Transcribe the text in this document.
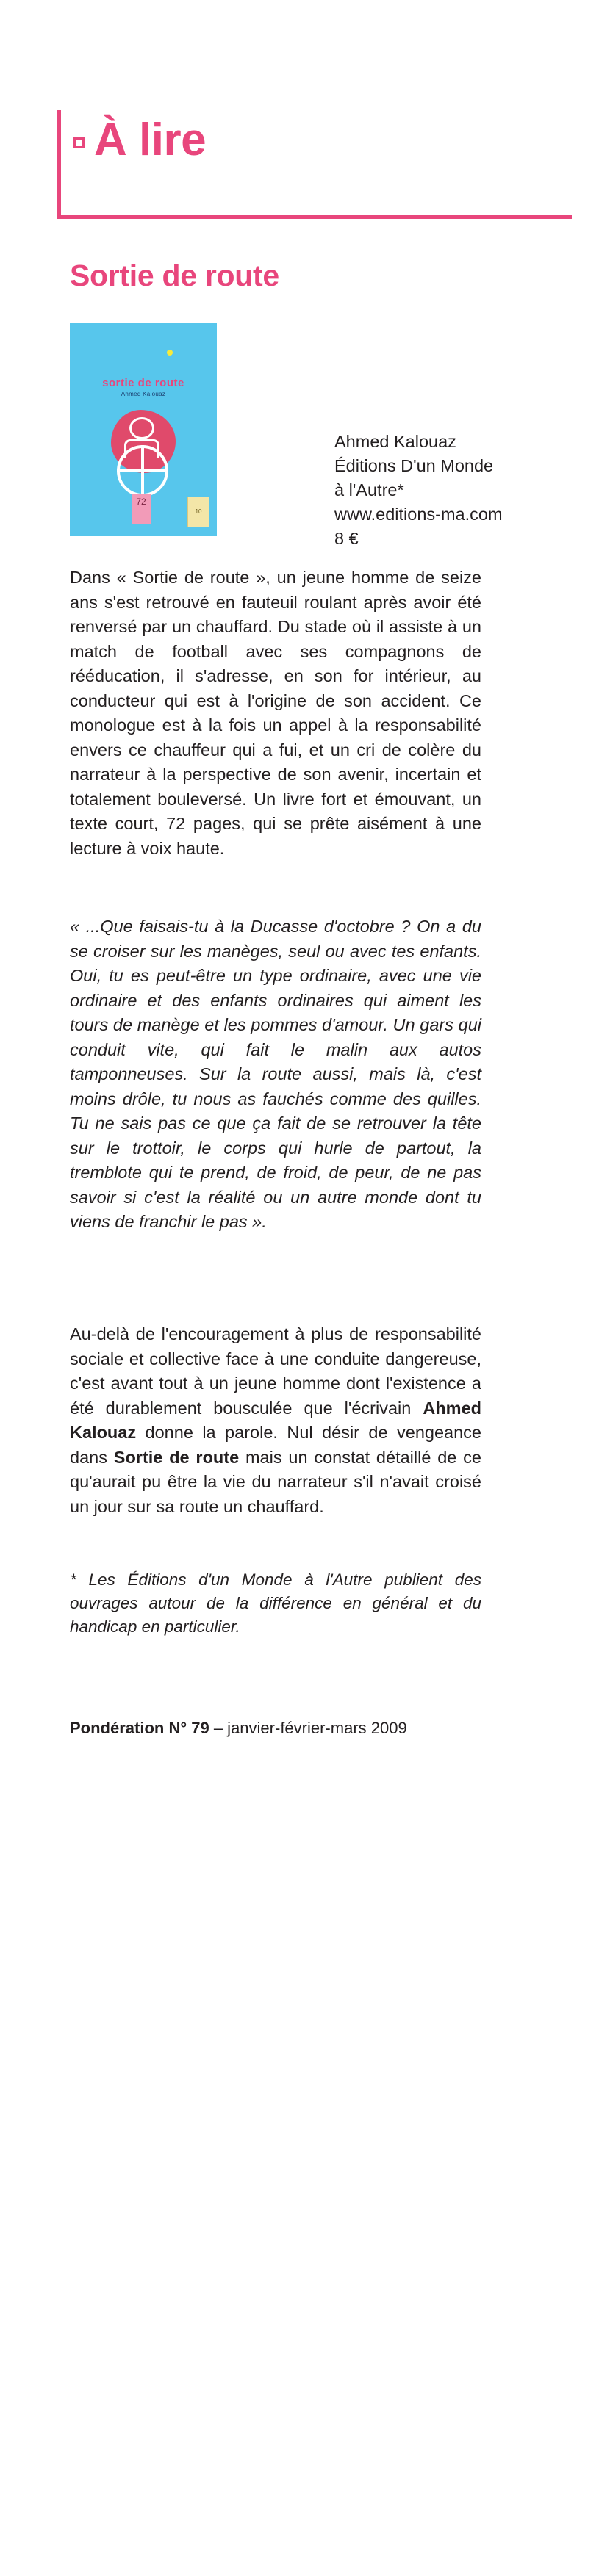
À lire
Sortie de route
sortie de route
Ahmed Kalouaz
72
10
Ahmed Kalouaz
Éditions D'un Monde
à l'Autre*
www.editions-ma.com
8 €
Dans « Sortie de route », un jeune homme de seize ans s'est retrouvé en fauteuil roulant après avoir été renversé par un chauffard. Du stade où il assiste à un match de football avec ses compagnons de rééducation, il s'adresse, en son for intérieur, au conducteur qui est à l'origine de son accident. Ce monologue est à la fois un appel à la responsabilité envers ce chauffeur qui a fui, et un cri de colère du narrateur à la perspective de son avenir, incertain et totalement bouleversé. Un livre fort et émouvant, un texte court, 72 pages, qui se prête aisément à une lecture à voix haute.
« ...Que faisais-tu à la Ducasse d'octobre ? On a du se croiser sur les manèges, seul ou avec tes enfants. Oui, tu es peut-être un type ordinaire, avec une vie ordinaire et des enfants ordinaires qui aiment les tours de manège et les pommes d'amour. Un gars qui conduit vite, qui fait le malin aux autos tamponneuses. Sur la route aussi, mais là, c'est moins drôle, tu nous as fauchés comme des quilles. Tu ne sais pas ce que ça fait de se retrouver la tête sur le trottoir, le corps qui hurle de partout, la tremblote qui te prend, de froid, de peur, de ne pas savoir si c'est la réalité ou un autre monde dont tu viens de franchir le pas ».
Au-delà de l'encouragement à plus de responsabilité sociale et collective face à une conduite dangereuse, c'est avant tout à un jeune homme dont l'existence a été durablement bousculée que l'écrivain Ahmed Kalouaz donne la parole. Nul désir de vengeance dans Sortie de route mais un constat détaillé de ce qu'aurait pu être la vie du narrateur s'il n'avait croisé un jour sur sa route un chauffard.
* Les Éditions d'un Monde à l'Autre publient des ouvrages autour de la différence en général et du handicap en particulier.
Pondération N° 79 – janvier-février-mars 2009
